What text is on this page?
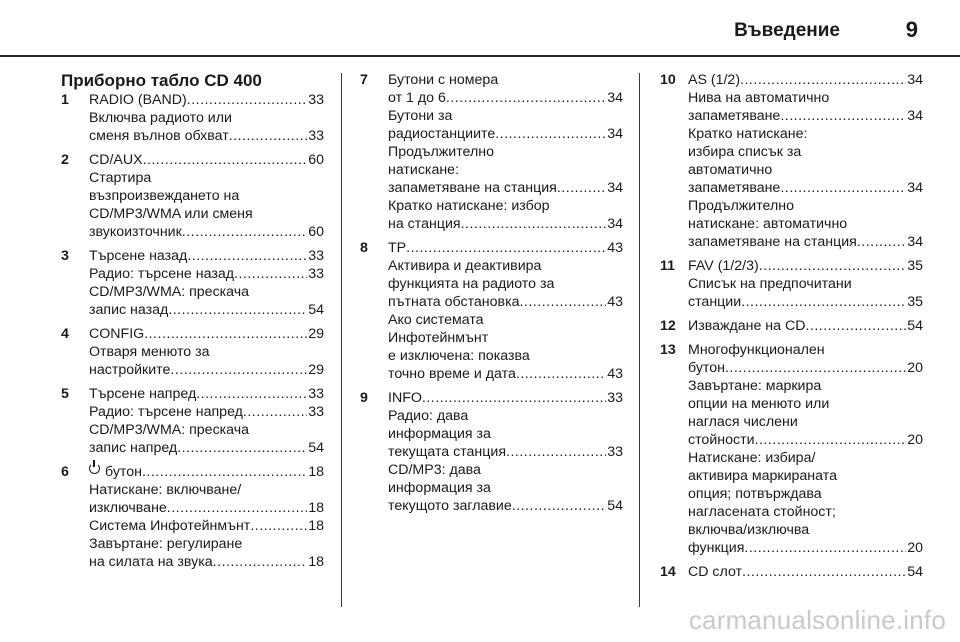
Въведение	9
Приборно табло CD 400
1	RADIO (BAND) .....	33
Включва радиото или
сменя вълнов обхват .....	33
2	CD/AUX .....	60
Стартира
възпроизвеждането на
CD/MP3/WMA или сменя
звукоизточник .....	60
3	Търсене назад .....	33
Радио: търсене назад .....	33
CD/MP3/WMA: прескача
запис назад .....	54
4	CONFIG .....	29
Отваря менюто за
настройките .....	29
5	Търсене напред .....	33
Радио: търсене напред .....	33
CD/MP3/WMA: прескача
запис напред .....	54
6	бутон .....	18
Натискане: включване/
изключване .....	18
Система Инфотейнмънт .....	18
Завъртане: регулиране
на силата на звука .....	18
7	Бутони с номера
от 1 до 6 .....	34
Бутони за
радиостанциите .....	34
Продължително
натискане:
запаметяване на станция .....	34
Кратко натискане: избор
на станция .....	34
8	TP .....	43
Активира и деактивира
функцията на радиото за
пътната обстановка .....	43
Ако системата
Инфотейнмънт
е изключена: показва
точно време и дата .....	43
9	INFO .....	33
Радио: дава
информация за
текущата станция .....	33
CD/MP3: дава
информация за
текущото заглавие .....	54
10 AS (1/2) .....	34
Нива на автоматично
запаметяване .....	34
Кратко натискане:
избира списък за
автоматично
запаметяване .....	34
Продължително
натискане: автоматично
запаметяване на станция .....	34
11 FAV (1/2/3) .....	35
Списък на предпочитани
станции .....	35
12 Изваждане на CD .....	54
13 Многофункционален
бутон .....	20
Завъртане: маркира
опции на менюто или
наглася числени
стойности .....	20
Натискане: избира/
активира маркираната
опция; потвърждава
нагласената стойност;
включва/изключва
функция .....	20
14 CD слот .....	54
carmanualsonline.info
